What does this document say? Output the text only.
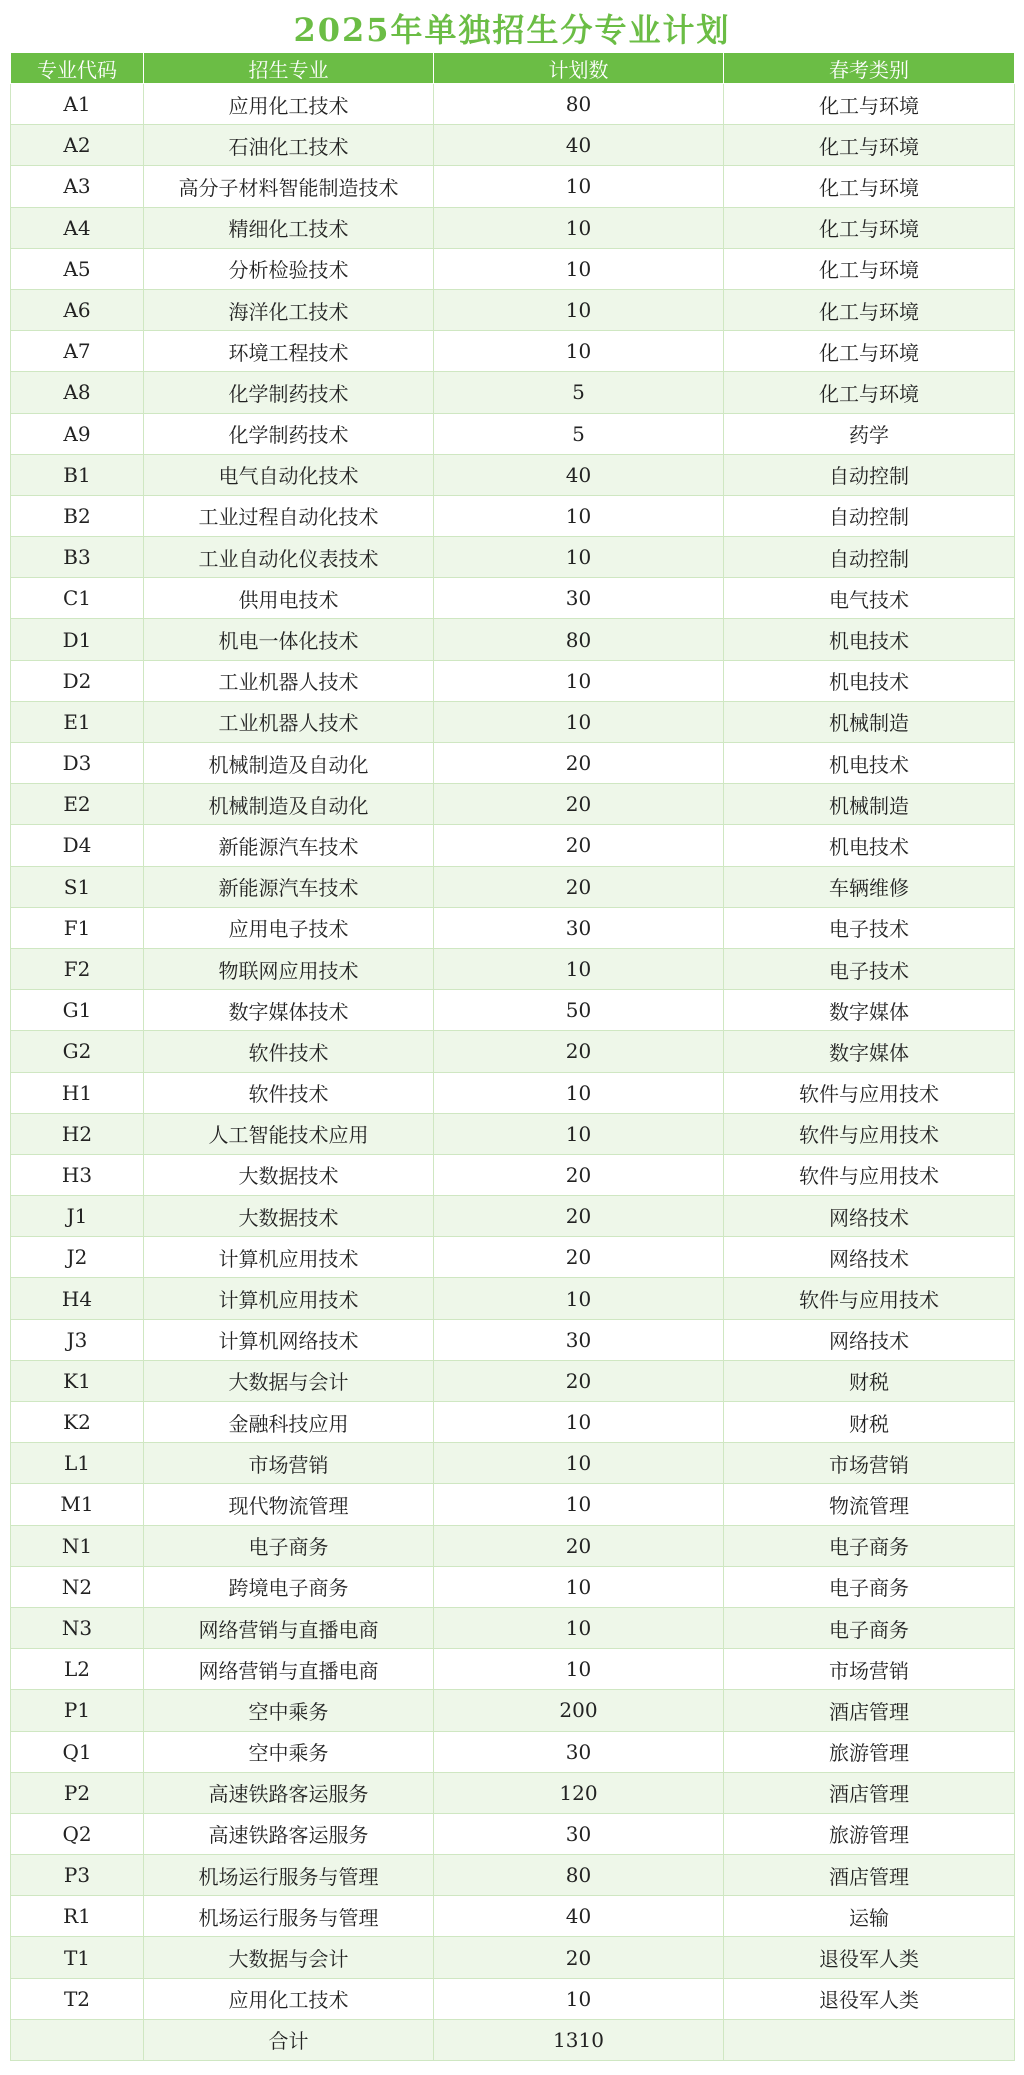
2025年单独招生分专业计划
专业代码	招生专业	计划数	春考类别
A1	应用化工技术	80	化工与环境
A2	石油化工技术	40	化工与环境
A3	高分子材料智能制造技术	10	化工与环境
A4	精细化工技术	10	化工与环境
A5	分析检验技术	10	化工与环境
A6	海洋化工技术	10	化工与环境
A7	环境工程技术	10	化工与环境
A8	化学制药技术	5	化工与环境
A9	化学制药技术	5	药学
B1	电气自动化技术	40	自动控制
B2	工业过程自动化技术	10	自动控制
B3	工业自动化仪表技术	10	自动控制
C1	供用电技术	30	电气技术
D1	机电一体化技术	80	机电技术
D2	工业机器人技术	10	机电技术
E1	工业机器人技术	10	机械制造
D3	机械制造及自动化	20	机电技术
E2	机械制造及自动化	20	机械制造
D4	新能源汽车技术	20	机电技术
S1	新能源汽车技术	20	车辆维修
F1	应用电子技术	30	电子技术
F2	物联网应用技术	10	电子技术
G1	数字媒体技术	50	数字媒体
G2	软件技术	20	数字媒体
H1	软件技术	10	软件与应用技术
H2	人工智能技术应用	10	软件与应用技术
H3	大数据技术	20	软件与应用技术
J1	大数据技术	20	网络技术
J2	计算机应用技术	20	网络技术
H4	计算机应用技术	10	软件与应用技术
J3	计算机网络技术	30	网络技术
K1	大数据与会计	20	财税
K2	金融科技应用	10	财税
L1	市场营销	10	市场营销
M1	现代物流管理	10	物流管理
N1	电子商务	20	电子商务
N2	跨境电子商务	10	电子商务
N3	网络营销与直播电商	10	电子商务
L2	网络营销与直播电商	10	市场营销
P1	空中乘务	200	酒店管理
Q1	空中乘务	30	旅游管理
P2	高速铁路客运服务	120	酒店管理
Q2	高速铁路客运服务	30	旅游管理
P3	机场运行服务与管理	80	酒店管理
R1	机场运行服务与管理	40	运输
T1	大数据与会计	20	退役军人类
T2	应用化工技术	10	退役军人类
	合计	1310	
